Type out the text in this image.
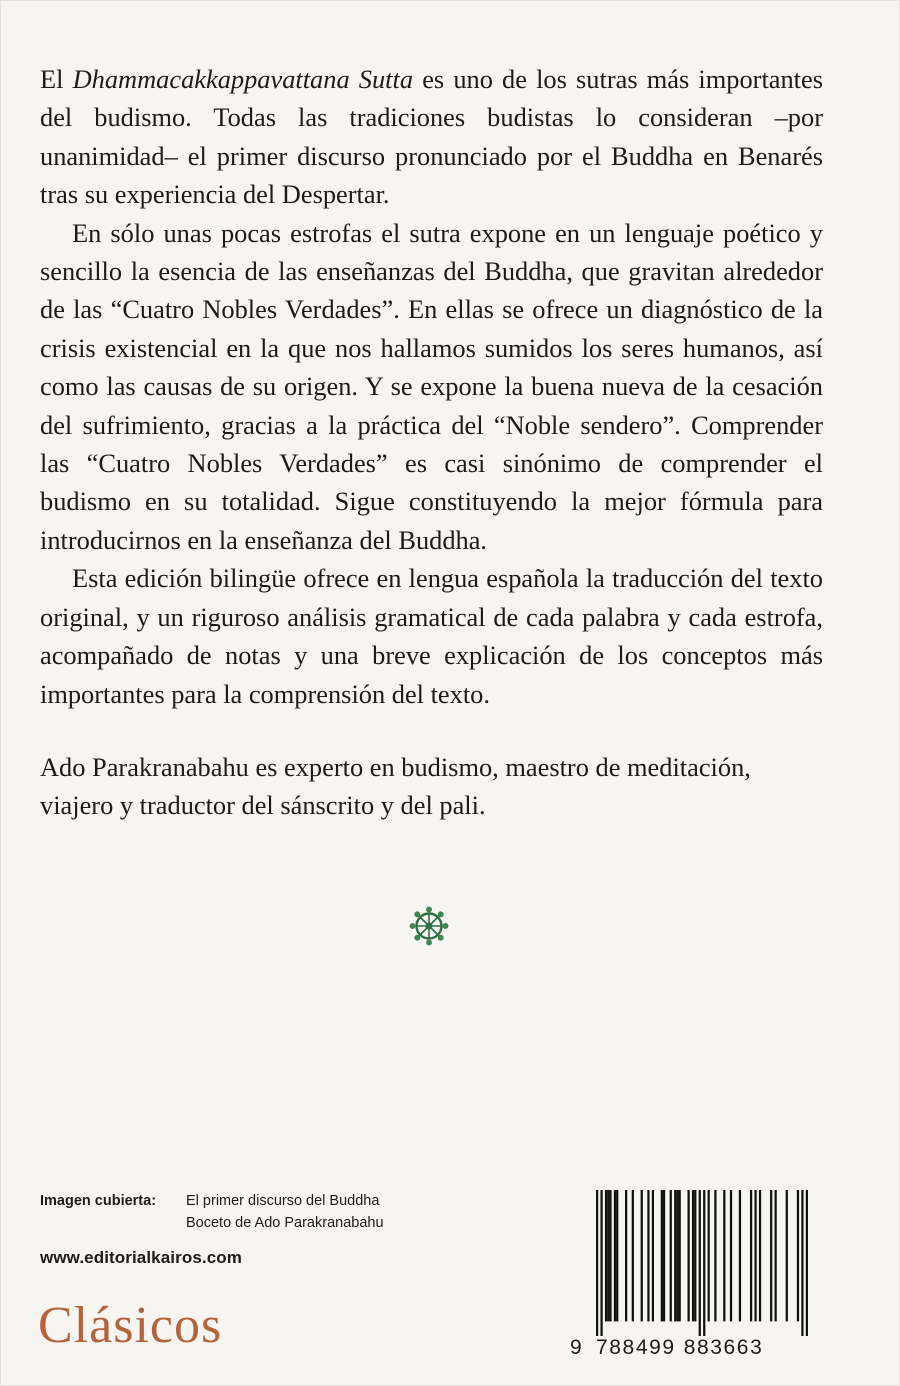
El Dhammacakkappavattana Sutta es uno de los sutras más importantes del budismo. Todas las tradiciones budistas lo consideran –por unanimidad– el primer discurso pronunciado por el Buddha en Benarés tras su experiencia del Despertar.

En sólo unas pocas estrofas el sutra expone en un lenguaje poético y sencillo la esencia de las enseñanzas del Buddha, que gravitan alrededor de las “Cuatro Nobles Verdades”. En ellas se ofrece un diagnóstico de la crisis existencial en la que nos hallamos sumidos los seres humanos, así como las causas de su origen. Y se expone la buena nueva de la cesación del sufrimiento, gracias a la práctica del “Noble sendero”. Comprender las “Cuatro Nobles Verdades” es casi sinónimo de comprender el budismo en su totalidad. Sigue constituyendo la mejor fórmula para introducirnos en la enseñanza del Buddha.

Esta edición bilingüe ofrece en lengua española la traducción del texto original, y un riguroso análisis gramatical de cada palabra y cada estrofa, acompañado de notas y una breve explicación de los conceptos más importantes para la comprensión del texto.

Ado Parakranabahu es experto en budismo, maestro de meditación,

viajero y traductor del sánscrito y del pali.

Imagen cubierta: El primer discurso del Buddha
Boceto de Ado Parakranabahu
www.editorialkairos.com
Clásicos	9 788499 883663
